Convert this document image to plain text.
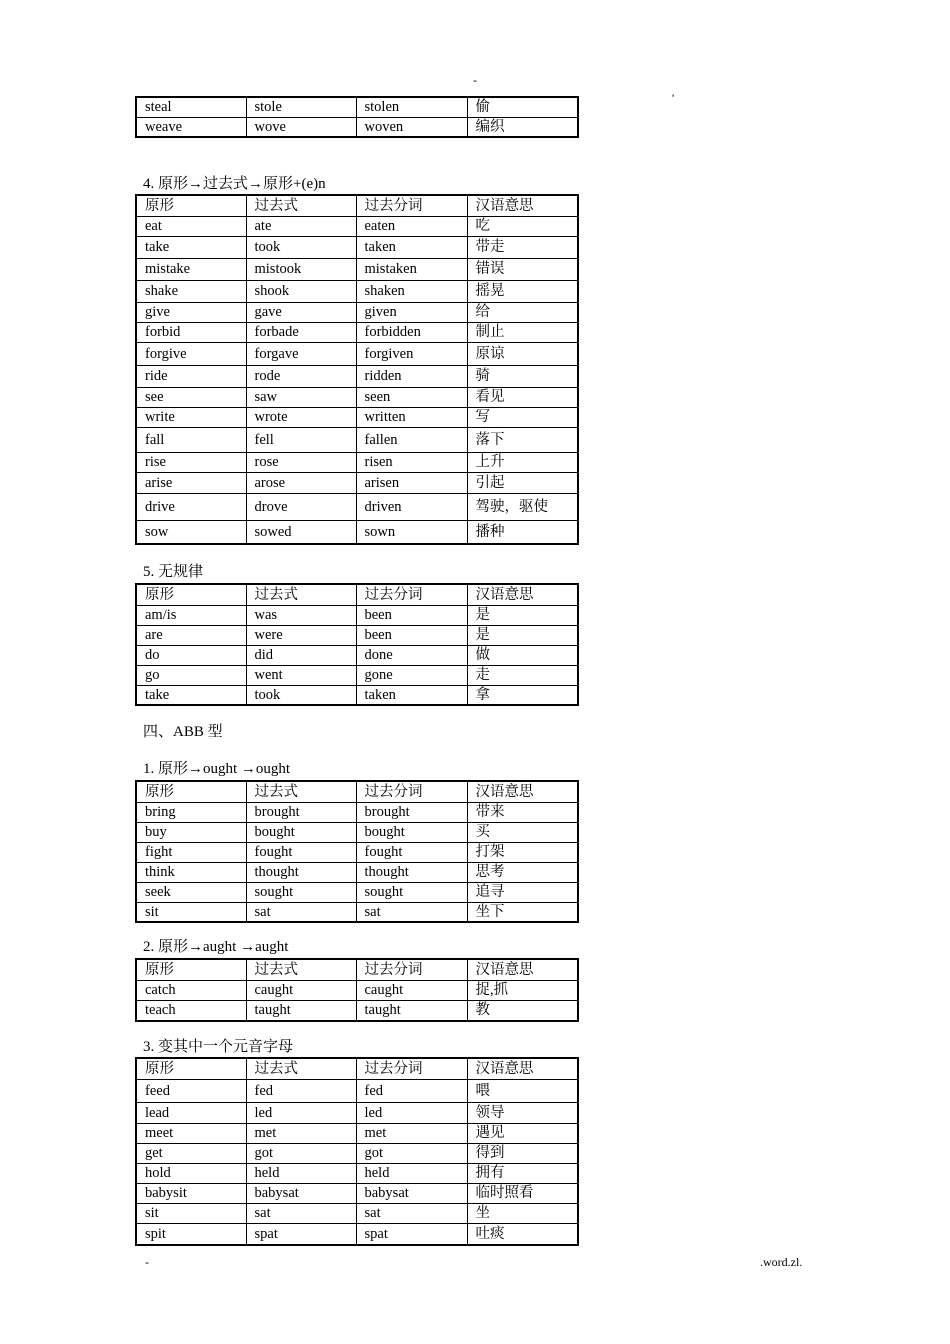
-
'
steal	stole	stolen	偷
weave	wove	woven	编织
4. 原形→过去式→原形+(e)n
原形	过去式	过去分词	汉语意思
eat	ate	eaten	吃
take	took	taken	带走
mistake	mistook	mistaken	错误
shake	shook	shaken	摇晃
give	gave	given	给
forbid	forbade	forbidden	制止
forgive	forgave	forgiven	原谅
ride	rode	ridden	骑
see	saw	seen	看见
write	wrote	written	写
fall	fell	fallen	落下
rise	rose	risen	上升
arise	arose	arisen	引起
drive	drove	driven	驾驶，驱使
sow	sowed	sown	播种
5. 无规律
原形	过去式	过去分词	汉语意思
am/is	was	been	是
are	were	been	是
do	did	done	做
go	went	gone	走
take	took	taken	拿
四、ABB 型
1. 原形→ought →ought
原形	过去式	过去分词	汉语意思
bring	brought	brought	带来
buy	bought	bought	买
fight	fought	fought	打架
think	thought	thought	思考
seek	sought	sought	追寻
sit	sat	sat	坐下
2. 原形→aught →aught
原形	过去式	过去分词	汉语意思
catch	caught	caught	捉,抓
teach	taught	taught	教
3. 变其中一个元音字母
原形	过去式	过去分词	汉语意思
feed	fed	fed	喂
lead	led	led	领导
meet	met	met	遇见
get	got	got	得到
hold	held	held	拥有
babysit	babysat	babysat	临时照看
sit	sat	sat	坐
spit	spat	spat	吐痰
-	.word.zl.
